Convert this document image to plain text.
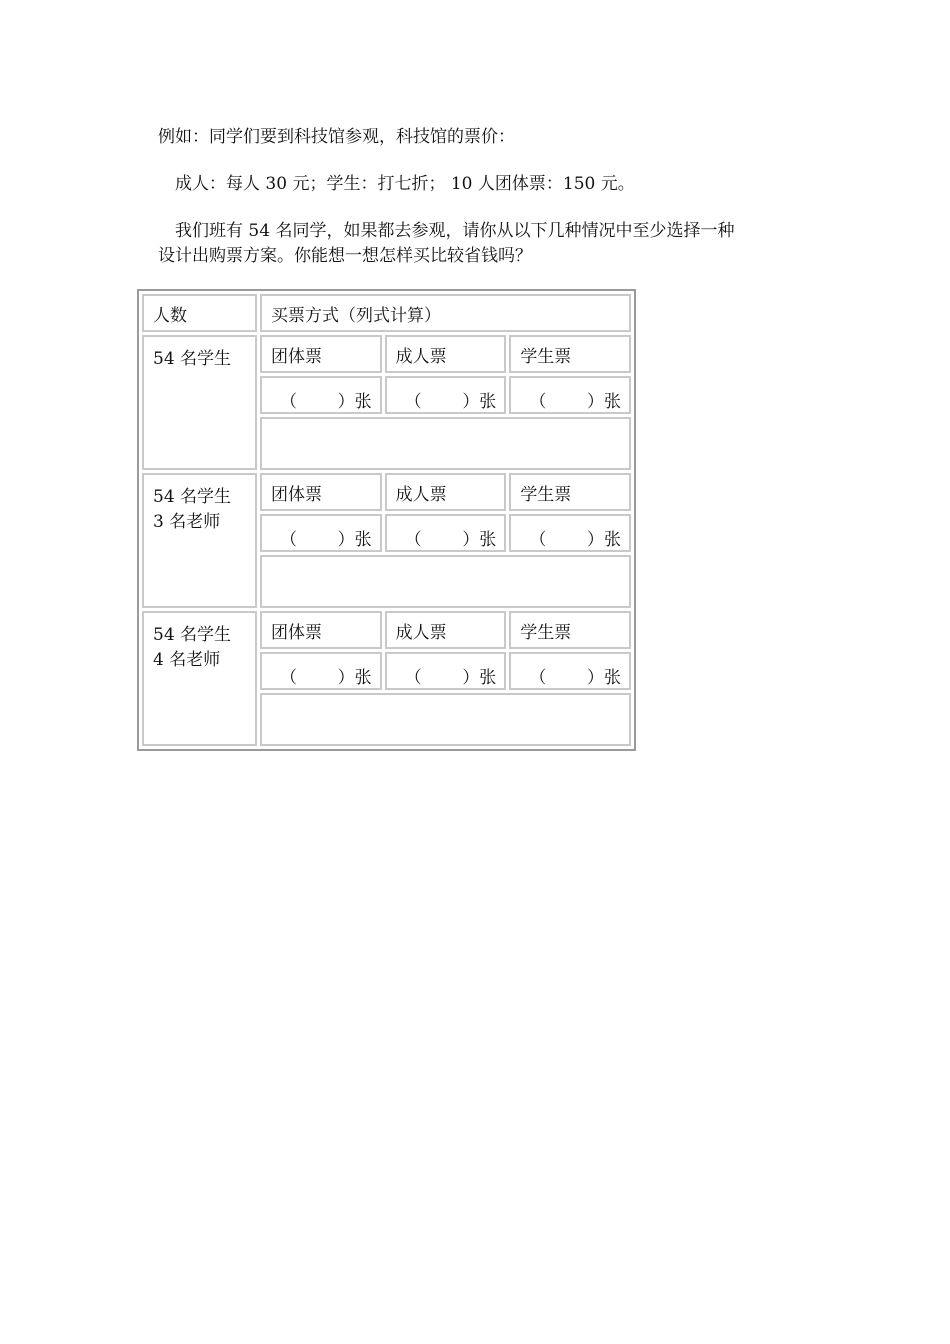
例如：同学们要到科技馆参观，科技馆的票价：
成人：每人 30 元；学生：打七折； 10 人团体票：150 元。
我们班有 54 名同学，如果都去参观，请你从以下几种情况中至少选择一种
设计出购票方案。你能想一想怎样买比较省钱吗？
人数	买票方式（列式计算）		

54 名学生	团体票	成人票	学生票

	（ ）张	（ ）张	（ ）张

54 名学生
3 名老师	团体票	成人票	学生票

	（ ）张	（ ）张	（ ）张

54 名学生
4 名老师	团体票	成人票	学生票

	（ ）张	（ ）张	（ ）张
